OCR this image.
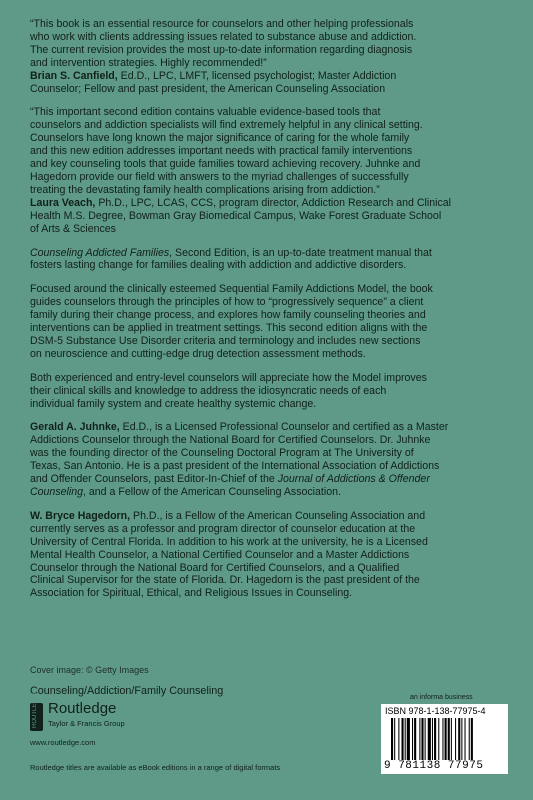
“This book is an essential resource for counselors and other helping professionals
who work with clients addressing issues related to substance abuse and addiction.
The current revision provides the most up-to-date information regarding diagnosis
and intervention strategies. Highly recommended!”
Brian S. Canfield, Ed.D., LPC, LMFT, licensed psychologist; Master Addiction
Counselor; Fellow and past president, the American Counseling Association

“This important second edition contains valuable evidence-based tools that
counselors and addiction specialists will find extremely helpful in any clinical setting.
Counselors have long known the major significance of caring for the whole family
and this new edition addresses important needs with practical family interventions
and key counseling tools that guide families toward achieving recovery. Juhnke and
Hagedorn provide our field with answers to the myriad challenges of successfully
treating the devastating family health complications arising from addiction.”
Laura Veach, Ph.D., LPC, LCAS, CCS, program director, Addiction Research and Clinical
Health M.S. Degree, Bowman Gray Biomedical Campus, Wake Forest Graduate School
of Arts & Sciences

Counseling Addicted Families, Second Edition, is an up-to-date treatment manual that
fosters lasting change for families dealing with addiction and addictive disorders.

Focused around the clinically esteemed Sequential Family Addictions Model, the book
guides counselors through the principles of how to “progressively sequence” a client
family during their change process, and explores how family counseling theories and
interventions can be applied in treatment settings. This second edition aligns with the
DSM-5 Substance Use Disorder criteria and terminology and includes new sections
on neuroscience and cutting-edge drug detection assessment methods.

Both experienced and entry-level counselors will appreciate how the Model improves
their clinical skills and knowledge to address the idiosyncratic needs of each
individual family system and create healthy systemic change.

Gerald A. Juhnke, Ed.D., is a Licensed Professional Counselor and certified as a Master
Addictions Counselor through the National Board for Certified Counselors. Dr. Juhnke
was the founding director of the Counseling Doctoral Program at The University of
Texas, San Antonio. He is a past president of the International Association of Addictions
and Offender Counselors, past Editor-In-Chief of the Journal of Addictions & Offender
Counseling, and a Fellow of the American Counseling Association.

W. Bryce Hagedorn, Ph.D., is a Fellow of the American Counseling Association and
currently serves as a professor and program director of counselor education at the
University of Central Florida. In addition to his work at the university, he is a Licensed
Mental Health Counselor, a National Certified Counselor and a Master Addictions
Counselor through the National Board for Certified Counselors, and a Qualified
Clinical Supervisor for the state of Florida. Dr. Hagedorn is the past president of the
Association for Spiritual, Ethical, and Religious Issues in Counseling.

Cover image: © Getty Images
Counseling/Addiction/Family Counseling
ROUTLEDGE Routledge
Taylor & Francis Group
www.routledge.com
Routledge titles are available as eBook editions in a range of digital formats
an informa business
ISBN 978-1-138-77975-4
9 781138 77975
